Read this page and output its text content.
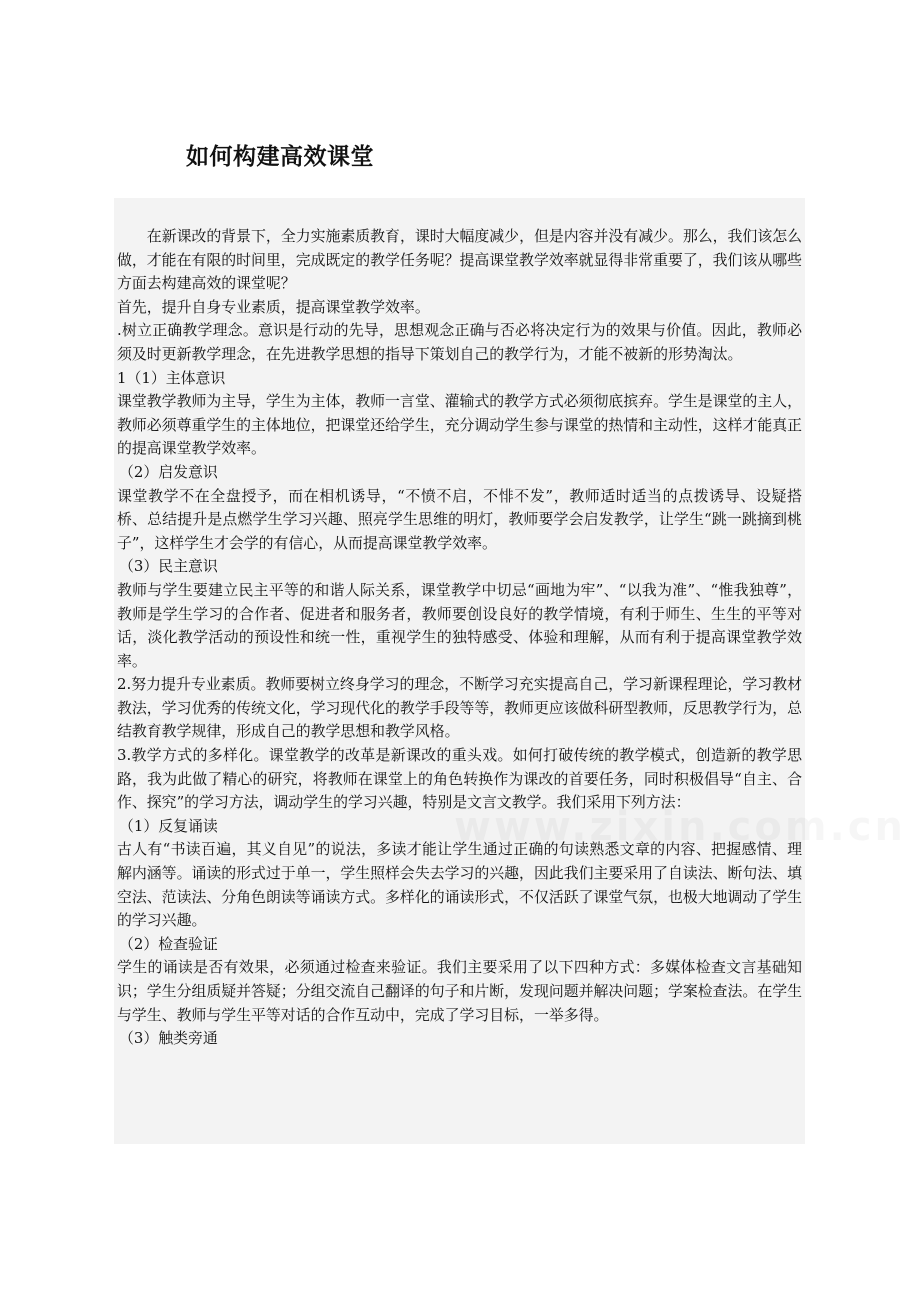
如何构建高效课堂

在新课改的背景下，全力实施素质教育，课时大幅度减少，但是内容并没有减少。那么，我们该怎么做，才能在有限的时间里，完成既定的教学任务呢？提高课堂教学效率就显得非常重要了，我们该从哪些方面去构建高效的课堂呢？

首先，提升自身专业素质，提高课堂教学效率。

.树立正确教学理念。意识是行动的先导，思想观念正确与否必将决定行为的效果与价值。因此，教师必须及时更新教学理念，在先进教学思想的指导下策划自己的教学行为，才能不被新的形势淘汰。

1（1）主体意识

课堂教学教师为主导，学生为主体，教师一言堂、灌输式的教学方式必须彻底摈弃。学生是课堂的主人，教师必须尊重学生的主体地位，把课堂还给学生，充分调动学生参与课堂的热情和主动性，这样才能真正的提高课堂教学效率。

（2）启发意识

课堂教学不在全盘授予，而在相机诱导，“不愤不启，不悱不发”，教师适时适当的点拨诱导、设疑搭桥、总结提升是点燃学生学习兴趣、照亮学生思维的明灯，教师要学会启发教学，让学生“跳一跳摘到桃子”，这样学生才会学的有信心，从而提高课堂教学效率。

（3）民主意识

教师与学生要建立民主平等的和谐人际关系，课堂教学中切忌“画地为牢”、“以我为准”、“惟我独尊”，教师是学生学习的合作者、促进者和服务者，教师要创设良好的教学情境，有利于师生、生生的平等对话，淡化教学活动的预设性和统一性，重视学生的独特感受、体验和理解，从而有利于提高课堂教学效率。

2.努力提升专业素质。教师要树立终身学习的理念，不断学习充实提高自己，学习新课程理论，学习教材教法，学习优秀的传统文化，学习现代化的教学手段等等，教师更应该做科研型教师，反思教学行为，总结教育教学规律，形成自己的教学思想和教学风格。

3.教学方式的多样化。课堂教学的改革是新课改的重头戏。如何打破传统的教学模式，创造新的教学思路，我为此做了精心的研究，将教师在课堂上的角色转换作为课改的首要任务，同时积极倡导“自主、合作、探究”的学习方法，调动学生的学习兴趣，特别是文言文教学。我们采用下列方法：

（1）反复诵读

古人有“书读百遍，其义自见”的说法，多读才能让学生通过正确的句读熟悉文章的内容、把握感情、理解内涵等。诵读的形式过于单一，学生照样会失去学习的兴趣，因此我们主要采用了自读法、断句法、填空法、范读法、分角色朗读等诵读方式。多样化的诵读形式，不仅活跃了课堂气氛，也极大地调动了学生的学习兴趣。

（2）检查验证

学生的诵读是否有效果，必须通过检查来验证。我们主要采用了以下四种方式：多媒体检查文言基础知识；学生分组质疑并答疑；分组交流自己翻译的句子和片断，发现问题并解决问题；学案检查法。在学生与学生、教师与学生平等对话的合作互动中，完成了学习目标，一举多得。

（3）触类旁通
